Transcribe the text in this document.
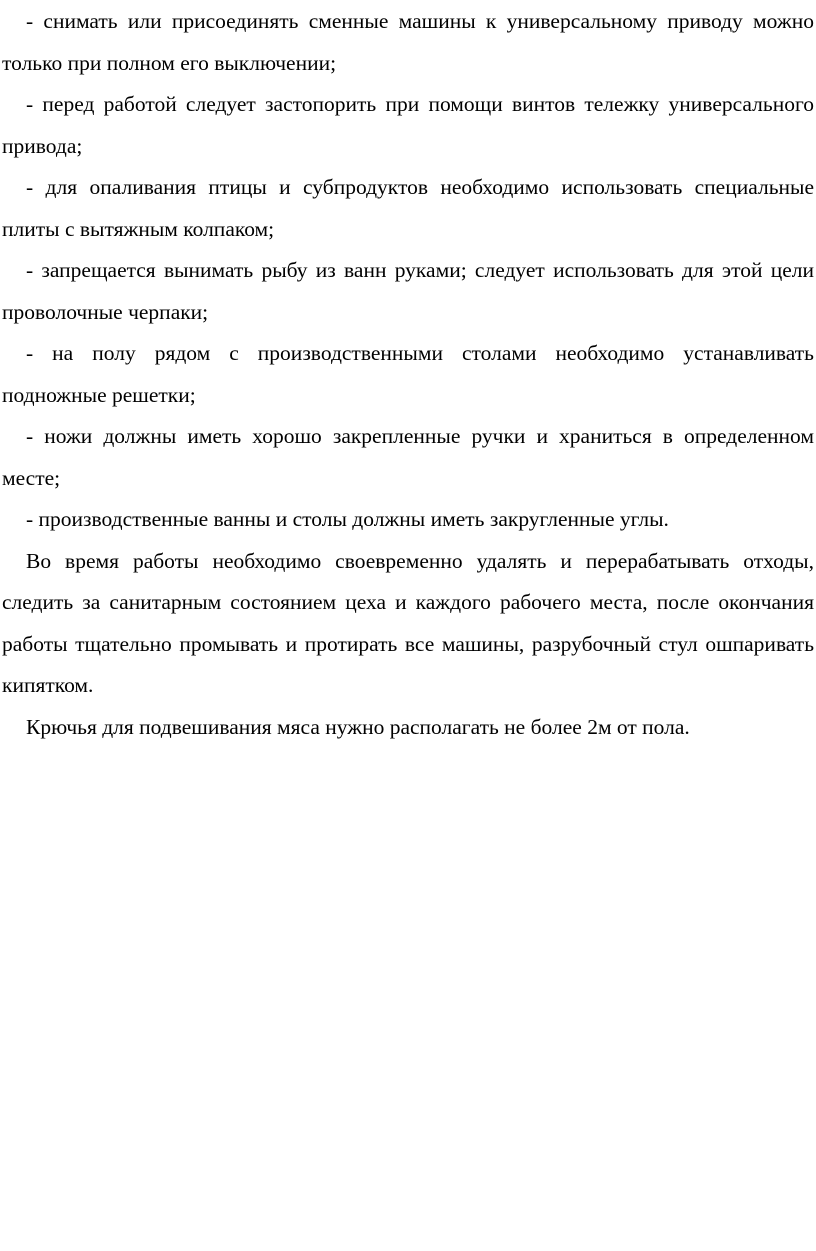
- снимать или присоединять сменные машины к универсальному приводу можно только при полном его выключении;

- перед работой следует застопорить при помощи винтов тележку универсального привода;

- для опаливания птицы и субпродуктов необходимо использовать специальные плиты с вытяжным колпаком;

- запрещается вынимать рыбу из ванн руками; следует использовать для этой цели проволочные черпаки;

- на полу рядом с производственными столами необходимо устанавливать подножные решетки;

- ножи должны иметь хорошо закрепленные ручки и храниться в определенном месте;

- производственные ванны и столы должны иметь закругленные углы.

Во время работы необходимо своевременно удалять и перерабатывать отходы, следить за санитарным состоянием цеха и каждого рабочего места, после окончания работы тщательно промывать и протирать все машины, разрубочный стул ошпаривать кипятком.

Крючья для подвешивания мяса нужно располагать не более 2м от пола.
